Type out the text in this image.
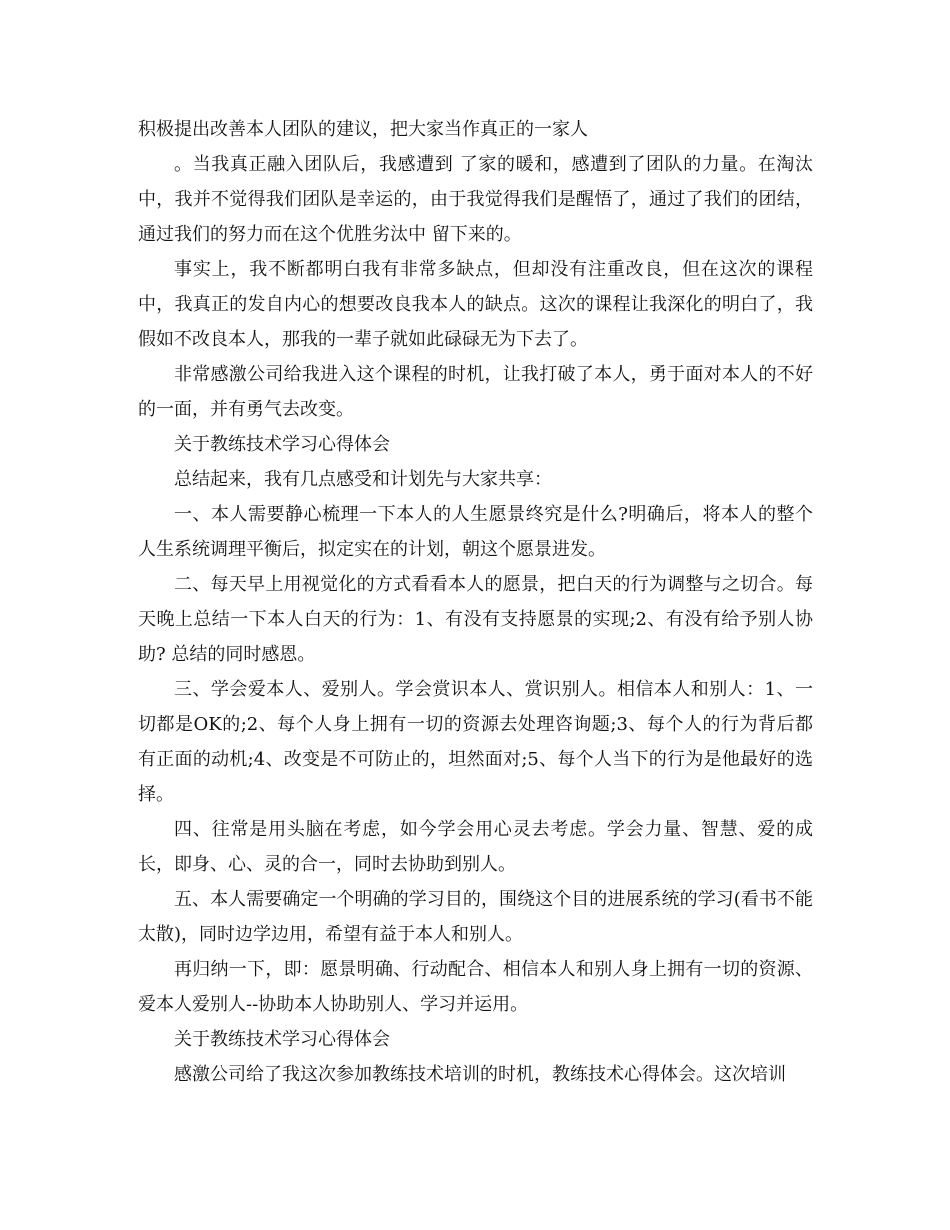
积极提出改善本人团队的建议，把大家当作真正的一家人

。当我真正融入团队后，我感遭到 了家的暖和，感遭到了团队的力量。在淘汰中，我并不觉得我们团队是幸运的，由于我觉得我们是醒悟了，通过了我们的团结，通过我们的努力而在这个优胜劣汰中 留下来的。

事实上，我不断都明白我有非常多缺点，但却没有注重改良，但在这次的课程中，我真正的发自内心的想要改良我本人的缺点。这次的课程让我深化的明白了，我假如不改良本人，那我的一辈子就如此碌碌无为下去了。

非常感激公司给我进入这个课程的时机，让我打破了本人，勇于面对本人的不好的一面，并有勇气去改变。

关于教练技术学习心得体会

总结起来，我有几点感受和计划先与大家共享：

一、本人需要静心梳理一下本人的人生愿景终究是什么?明确后，将本人的整个人生系统调理平衡后，拟定实在的计划，朝这个愿景进发。

二、每天早上用视觉化的方式看看本人的愿景，把白天的行为调整与之切合。每天晚上总结一下本人白天的行为：1、有没有支持愿景的实现;2、有没有给予别人协助? 总结的同时感恩。

三、学会爱本人、爱别人。学会赏识本人、赏识别人。相信本人和别人：1、一切都是OK的;2、每个人身上拥有一切的资源去处理咨询题;3、每个人的行为背后都有正面的动机;4、改变是不可防止的，坦然面对;5、每个人当下的行为是他最好的选择。

四、往常是用头脑在考虑，如今学会用心灵去考虑。学会力量、智慧、爱的成长，即身、心、灵的合一，同时去协助到别人。

五、本人需要确定一个明确的学习目的，围绕这个目的进展系统的学习(看书不能太散)，同时边学边用，希望有益于本人和别人。

再归纳一下，即：愿景明确、行动配合、相信本人和别人身上拥有一切的资源、爱本人爱别人--协助本人协助别人、学习并运用。

关于教练技术学习心得体会

感激公司给了我这次参加教练技术培训的时机，教练技术心得体会。这次培训
